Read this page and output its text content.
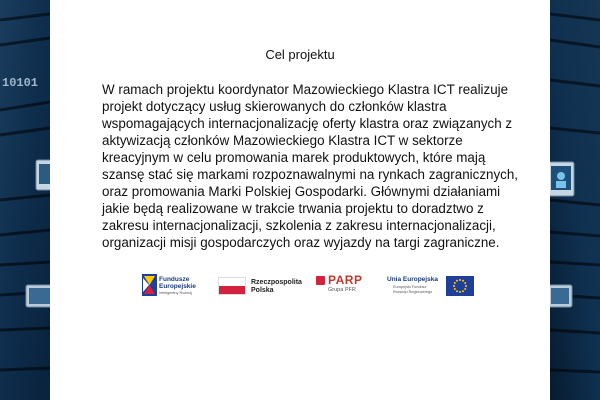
10101
Cel projektu

W ramach projektu koordynator Mazowieckiego Klastra ICT realizuje
projekt dotyczący usług skierowanych do członków klastra
wspomagających internacjonalizację oferty klastra oraz związanych z
aktywizacją członków Mazowieckiego Klastra ICT w sektorze
kreacyjnym w celu promowania marek produktowych, które mają
szansę stać się markami rozpoznawalnymi na rynkach zagranicznych,
oraz promowania Marki Polskiej Gospodarki. Głównymi działaniami
jakie będą realizowane w trakcie trwania projektu to doradztwo z
zakresu internacjonalizacji, szkolenia z zakresu internacjonalizacji,
organizacji misji gospodarczych oraz wyjazdy na targi zagraniczne.

Fundusze
Europejskie
Inteligentny Rozwój
Rzeczpospolita
Polska
PARP
Grupa PFR
Unia Europejska
Europejski Fundusz
Rozwoju Regionalnego
